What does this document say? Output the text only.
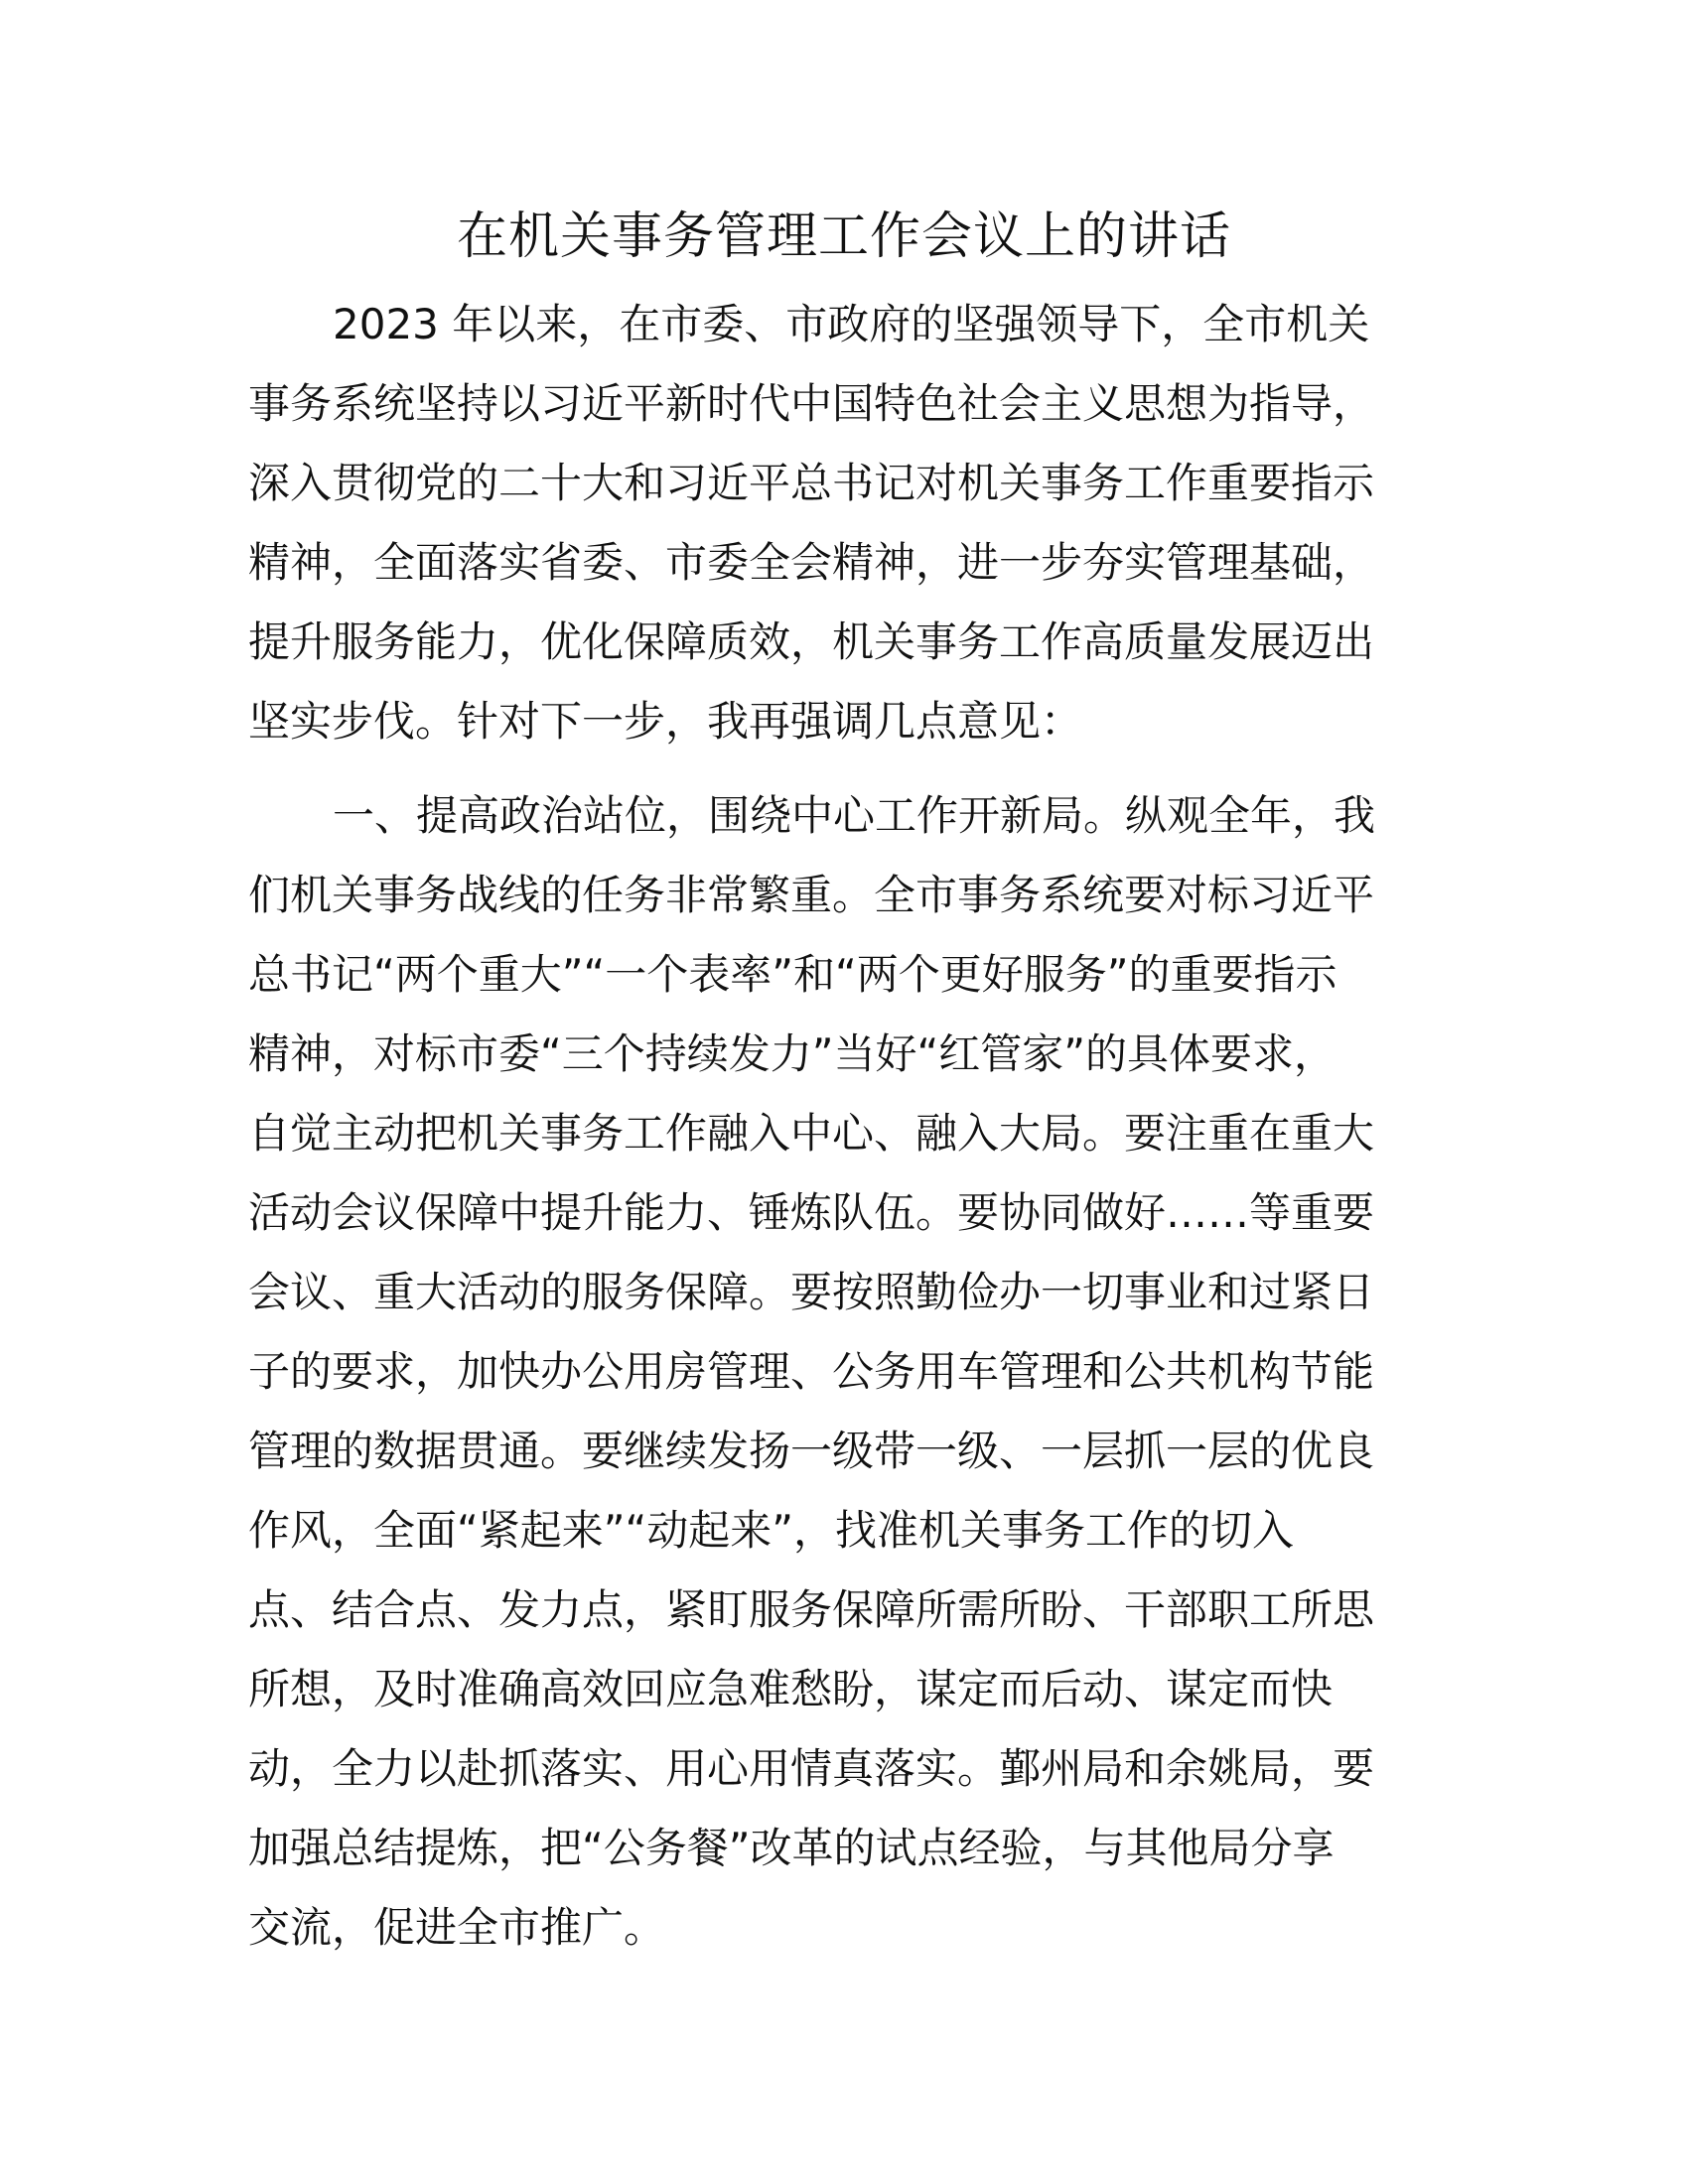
在机关事务管理工作会议上的讲话

2023 年以来，在市委、市政府的坚强领导下，全市机关

事务系统坚持以习近平新时代中国特色社会主义思想为指导，

深入贯彻党的二十大和习近平总书记对机关事务工作重要指示

精神，全面落实省委、市委全会精神，进一步夯实管理基础，

提升服务能力，优化保障质效，机关事务工作高质量发展迈出

坚实步伐。针对下一步，我再强调几点意见：

一、提高政治站位，围绕中心工作开新局。纵观全年，我

们机关事务战线的任务非常繁重。全市事务系统要对标习近平

总书记“两个重大”“一个表率”和“两个更好服务”的重要指示

精神，对标市委“三个持续发力”当好“红管家”的具体要求，

自觉主动把机关事务工作融入中心、融入大局。要注重在重大

活动会议保障中提升能力、锤炼队伍。要协同做好……等重要

会议、重大活动的服务保障。要按照勤俭办一切事业和过紧日

子的要求，加快办公用房管理、公务用车管理和公共机构节能

管理的数据贯通。要继续发扬一级带一级、一层抓一层的优良

作风，全面“紧起来”“动起来”，找准机关事务工作的切入

点、结合点、发力点，紧盯服务保障所需所盼、干部职工所思

所想，及时准确高效回应急难愁盼，谋定而后动、谋定而快

动，全力以赴抓落实、用心用情真落实。鄞州局和余姚局，要

加强总结提炼，把“公务餐”改革的试点经验，与其他局分享

交流，促进全市推广。
